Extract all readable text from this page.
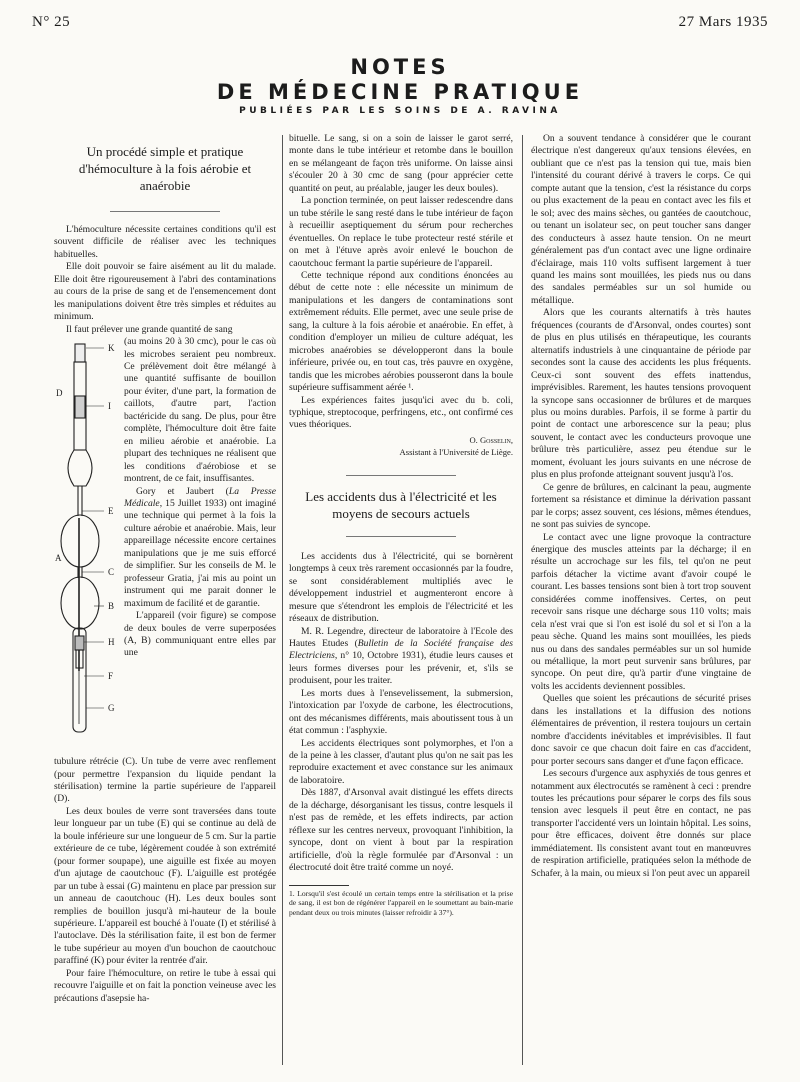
N° 25	27 Mars 1935
NOTES
DE MÉDECINE PRATIQUE
PUBLIÉES PAR LES SOINS DE A. RAVINA
Un procédé simple et pratique d'hémoculture à la fois aérobie et anaérobie

L'hémoculture nécessite certaines conditions qu'il est souvent difficile de réaliser avec les techniques habituelles.

Elle doit pouvoir se faire aisément au lit du malade. Elle doit être rigoureusement à l'abri des contaminations au cours de la prise de sang et de l'ensemencement dont les manipulations doivent être très simples et réduites au minimum.

Il faut prélever une grande quantité de sang

K
D
I
E
A
C
B
H
F
G

(au moins 20 à 30 cmc), pour le cas où les microbes seraient peu nombreux. Ce prélèvement doit être mélangé à une quantité suffisante de bouillon pour éviter, d'une part, la formation de caillots, d'autre part, l'action bactéricide du sang. De plus, pour être complète, l'hémoculture doit être faite en milieu aérobie et anaérobie. La plupart des techniques ne réalisent que les conditions d'aérobiose et se montrent, de ce fait, insuffisantes.

Gory et Jaubert (La Presse Médicale, 15 Juillet 1933) ont imaginé une technique qui permet à la fois la culture aérobie et anaérobie. Mais, leur appareillage nécessite encore certaines manipulations que je me suis efforcé de simplifier. Sur les conseils de M. le professeur Gratia, j'ai mis au point un instrument qui me parait donner le maximum de facilité et de garantie.

L'appareil (voir figure) se compose de deux boules de verre superposées (A, B) communiquant entre elles par une

tubulure rétrécie (C). Un tube de verre avec renflement (pour permettre l'expansion du liquide pendant la stérilisation) termine la partie supérieure de l'appareil (D).

Les deux boules de verre sont traversées dans toute leur longueur par un tube (E) qui se continue au delà de la boule inférieure sur une longueur de 5 cm. Sur la partie extérieure de ce tube, légèrement coudée à son extrémité (pour former soupape), une aiguille est fixée au moyen d'un ajutage de caoutchouc (F). L'aiguille est protégée par un tube à essai (G) maintenu en place par pression sur un anneau de caoutchouc (H). Les deux boules sont remplies de bouillon jusqu'à mi-hauteur de la boule supérieure. L'appareil est bouché à l'ouate (I) et stérilisé à l'autoclave. Dès la stérilisation faite, il est bon de fermer le tube supérieur au moyen d'un bouchon de caoutchouc paraffiné (K) pour éviter la rentrée d'air.

Pour faire l'hémoculture, on retire le tube à essai qui recouvre l'aiguille et on fait la ponction veineuse avec les précautions d'asepsie ha-

bituelle. Le sang, si on a soin de laisser le garot serré, monte dans le tube intérieur et retombe dans le bouillon en se mélangeant de façon très uniforme. On laisse ainsi s'écouler 20 à 30 cmc de sang (pour apprécier cette quantité on peut, au préalable, jauger les deux boules).

La ponction terminée, on peut laisser redescendre dans un tube stérile le sang resté dans le tube intérieur de façon à recueillir aseptiquement du sérum pour recherches éventuelles. On replace le tube protecteur resté stérile et on met à l'étuve après avoir enlevé le bouchon de caoutchouc fermant la partie supérieure de l'appareil.

Cette technique répond aux conditions énoncées au début de cette note : elle nécessite un minimum de manipulations et les dangers de contaminations sont extrêmement réduits. Elle permet, avec une seule prise de sang, la culture à la fois aérobie et anaérobie. En effet, à condition d'employer un milieu de culture adéquat, les microbes anaérobies se développeront dans la boule inférieure, privée ou, en tout cas, très pauvre en oxygène, tandis que les microbes aérobies pousseront dans la boule supérieure suffisamment aérée ¹.

Les expériences faites jusqu'ici avec du b. coli, typhique, streptocoque, perfringens, etc., ont confirmé ces vues théoriques.

O. Gosselin,
Assistant à l'Université de Liège.
Les accidents dus à l'électricité et les moyens de secours actuels

Les accidents dus à l'électricité, qui se bornèrent longtemps à ceux très rarement occasionnés par la foudre, se sont considérablement multipliés avec le développement industriel et augmenteront encore à mesure que s'étendront les emplois de l'électricité et les réseaux de distribution.

M. R. Legendre, directeur de laboratoire à l'Ecole des Hautes Etudes (Bulletin de la Société française des Electriciens, n° 10, Octobre 1931), étudie leurs causes et leurs formes diverses pour les prévenir, et, s'ils se produisent, pour les traiter.

Les morts dues à l'ensevelissement, la submersion, l'intoxication par l'oxyde de carbone, les électrocutions, ont des mécanismes différents, mais aboutissent tous à un état commun : l'asphyxie.

Les accidents électriques sont polymorphes, et l'on a de la peine à les classer, d'autant plus qu'on ne sait pas les reproduire exactement et avec constance sur les animaux de laboratoire.

Dès 1887, d'Arsonval avait distingué les effets directs de la décharge, désorganisant les tissus, contre lesquels il n'est pas de remède, et les effets indirects, par action réflexe sur les centres nerveux, provoquant l'inhibition, la syncope, dont on vient à bout par la respiration artificielle, d'où la règle formulée par d'Arsonval : un électrocuté doit être traité comme un noyé.

1. Lorsqu'il s'est écoulé un certain temps entre la stérilisation et la prise de sang, il est bon de régénérer l'appareil en le soumettant au bain-marie pendant deux ou trois minutes (laisser refroidir à 37°).

On a souvent tendance à considérer que le courant électrique n'est dangereux qu'aux tensions élevées, en oubliant que ce n'est pas la tension qui tue, mais bien l'intensité du courant dérivé à travers le corps. Ce qui compte autant que la tension, c'est la résistance du corps ou plus exactement de la peau en contact avec les fils et le sol; avec des mains sèches, ou gantées de caoutchouc, ou tenant un isolateur sec, on peut toucher sans danger des conducteurs à assez haute tension. On ne meurt généralement pas d'un contact avec une ligne ordinaire d'éclairage, mais 110 volts suffisent largement à tuer quand les mains sont mouillées, les pieds nus ou dans des sandales perméables sur un sol humide ou métallique.

Alors que les courants alternatifs à très hautes fréquences (courants de d'Arsonval, ondes courtes) sont de plus en plus utilisés en thérapeutique, les courants alternatifs industriels à une cinquantaine de période par secondes sont la cause des accidents les plus fréquents. Ceux-ci sont souvent des effets inattendus, imprévisibles. Rarement, les hautes tensions provoquent la syncope sans occasionner de brûlures et de marques plus ou moins durables. Parfois, il se forme à partir du point de contact une arborescence sur la peau; plus souvent, le contact avec les conducteurs provoque une brûlure très particulière, assez peu étendue sur le moment, évoluant les jours suivants en une nécrose de plus en plus profonde atteignant souvent jusqu'à l'os.

Ce genre de brûlures, en calcinant la peau, augmente fortement sa résistance et diminue la dérivation passant par le corps; assez souvent, ces lésions, mêmes étendues, ne sont pas suivies de syncope.

Le contact avec une ligne provoque la contracture énergique des muscles atteints par la décharge; il en résulte un accrochage sur les fils, tel qu'on ne peut parfois détacher la victime avant d'avoir coupé le courant. Les basses tensions sont bien à tort trop souvent considérées comme inoffensives. Certes, on peut recevoir sans risque une décharge sous 110 volts; mais cela n'est vrai que si l'on est isolé du sol et si l'on a la peau sèche. Quand les mains sont mouillées, les pieds nus ou dans des sandales perméables sur un sol humide ou métallique, la mort peut survenir sans brûlures, par syncope. On peut dire, qu'à partir d'une vingtaine de volts les accidents deviennent possibles.

Quelles que soient les précautions de sécurité prises dans les installations et la diffusion des notions élémentaires de prévention, il restera toujours un certain nombre d'accidents inévitables et imprévisibles. Il faut donc savoir ce que chacun doit faire en cas d'accident, pour porter secours sans danger et d'une façon efficace.

Les secours d'urgence aux asphyxiés de tous genres et notamment aux électrocutés se ramènent à ceci : prendre toutes les précautions pour séparer le corps des fils sous tension avec lesquels il peut être en contact, ne pas transporter l'accidenté vers un lointain hôpital. Les soins, pour être efficaces, doivent être donnés sur place immédiatement. Ils consistent avant tout en manœuvres de respiration artificielle, pratiquées selon la méthode de Schafer, à la main, ou mieux si l'on peut avec un appareil
